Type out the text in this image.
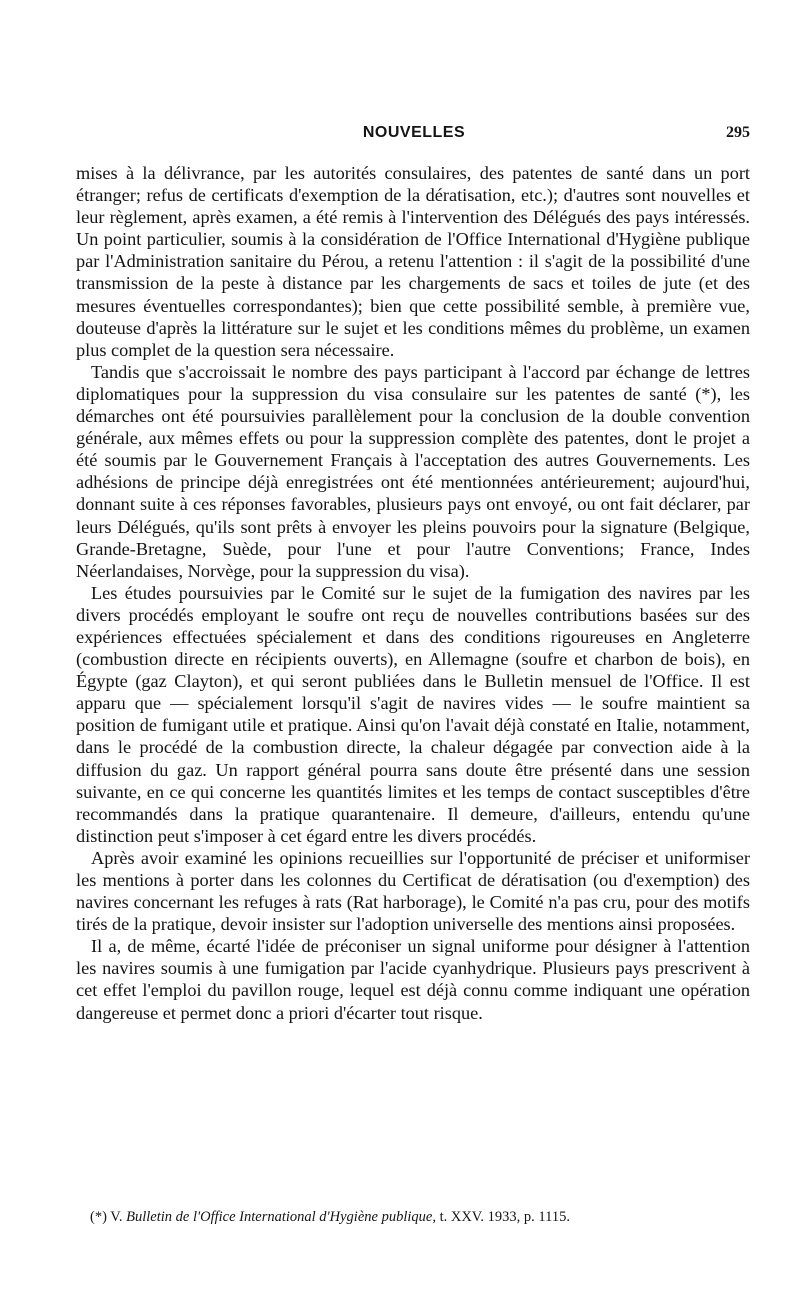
NOUVELLES	295

mises à la délivrance, par les autorités consulaires, des patentes de santé dans un port étranger; refus de certificats d'exemption de la dératisation, etc.); d'autres sont nouvelles et leur règlement, après examen, a été remis à l'intervention des Délégués des pays intéressés. Un point particulier, soumis à la considération de l'Office International d'Hygiène publique par l'Administration sanitaire du Pérou, a retenu l'attention : il s'agit de la possibilité d'une transmission de la peste à distance par les chargements de sacs et toiles de jute (et des mesures éventuelles correspondantes); bien que cette possibilité semble, à première vue, douteuse d'après la littérature sur le sujet et les conditions mêmes du problème, un examen plus complet de la question sera nécessaire.

Tandis que s'accroissait le nombre des pays participant à l'accord par échange de lettres diplomatiques pour la suppression du visa consulaire sur les patentes de santé (*), les démarches ont été poursuivies parallèlement pour la conclusion de la double convention générale, aux mêmes effets ou pour la suppression complète des patentes, dont le projet a été soumis par le Gouvernement Français à l'acceptation des autres Gouvernements. Les adhésions de principe déjà enregistrées ont été mentionnées antérieurement; aujourd'hui, donnant suite à ces réponses favorables, plusieurs pays ont envoyé, ou ont fait déclarer, par leurs Délégués, qu'ils sont prêts à envoyer les pleins pouvoirs pour la signature (Belgique, Grande-Bretagne, Suède, pour l'une et pour l'autre Conventions; France, Indes Néerlandaises, Norvège, pour la suppression du visa).

Les études poursuivies par le Comité sur le sujet de la fumigation des navires par les divers procédés employant le soufre ont reçu de nouvelles contributions basées sur des expériences effectuées spécialement et dans des conditions rigoureuses en Angleterre (combustion directe en récipients ouverts), en Allemagne (soufre et charbon de bois), en Égypte (gaz Clayton), et qui seront publiées dans le Bulletin mensuel de l'Office. Il est apparu que — spécialement lorsqu'il s'agit de navires vides — le soufre maintient sa position de fumigant utile et pratique. Ainsi qu'on l'avait déjà constaté en Italie, notamment, dans le procédé de la combustion directe, la chaleur dégagée par convection aide à la diffusion du gaz. Un rapport général pourra sans doute être présenté dans une session suivante, en ce qui concerne les quantités limites et les temps de contact susceptibles d'être recommandés dans la pratique quarantenaire. Il demeure, d'ailleurs, entendu qu'une distinction peut s'imposer à cet égard entre les divers procédés.

Après avoir examiné les opinions recueillies sur l'opportunité de préciser et uniformiser les mentions à porter dans les colonnes du Certificat de dératisation (ou d'exemption) des navires concernant les refuges à rats (Rat harborage), le Comité n'a pas cru, pour des motifs tirés de la pratique, devoir insister sur l'adoption universelle des mentions ainsi proposées.

Il a, de même, écarté l'idée de préconiser un signal uniforme pour désigner à l'attention les navires soumis à une fumigation par l'acide cyanhydrique. Plusieurs pays prescrivent à cet effet l'emploi du pavillon rouge, lequel est déjà connu comme indiquant une opération dangereuse et permet donc a priori d'écarter tout risque.

(*) V. Bulletin de l'Office International d'Hygiène publique, t. XXV. 1933, p. 1115.
